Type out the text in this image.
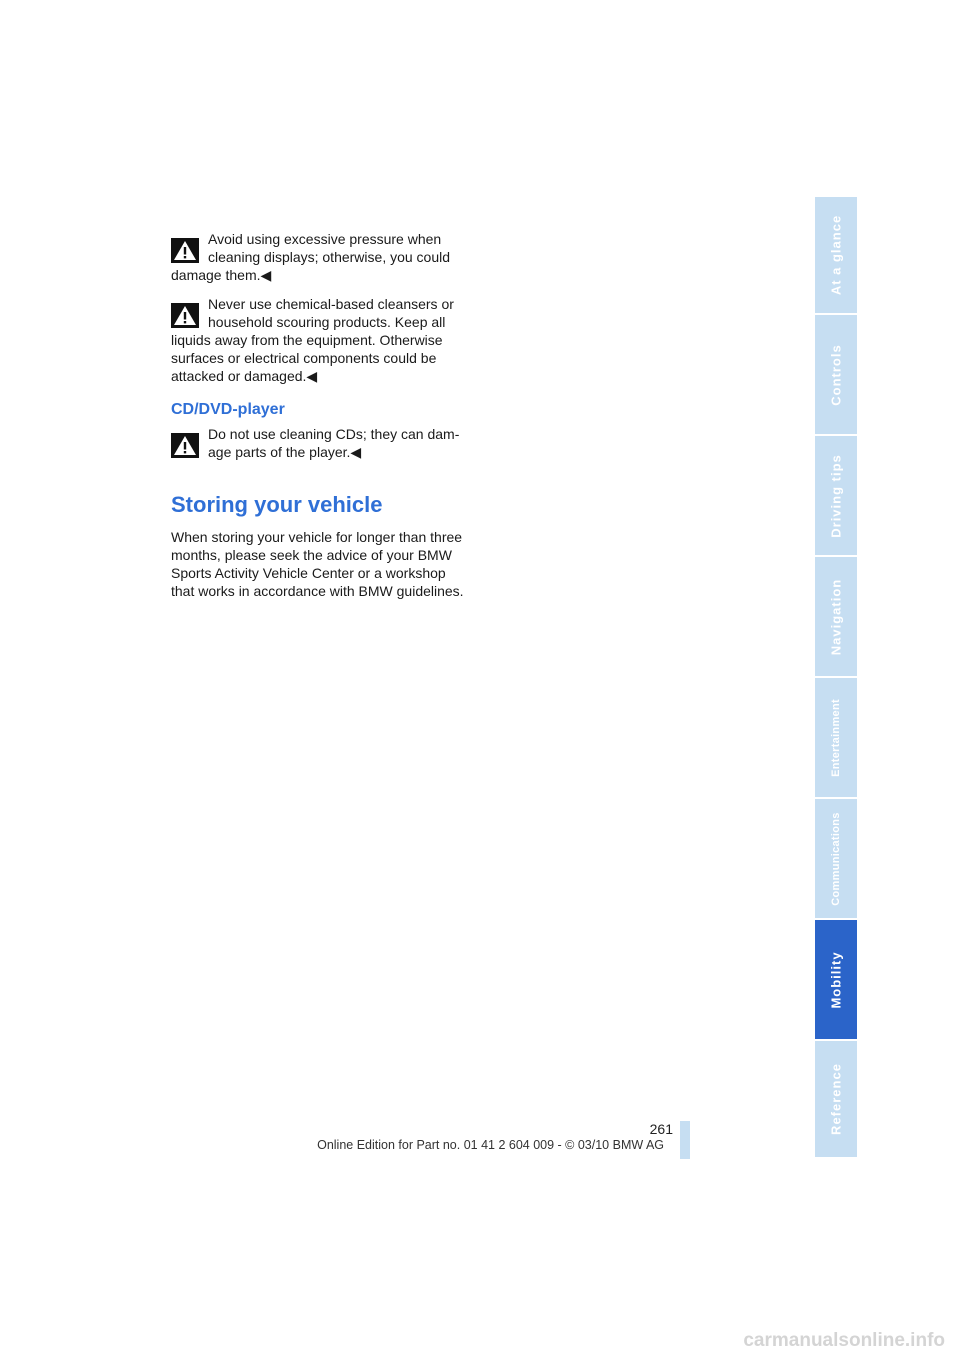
Avoid using excessive pressure when cleaning displays; otherwise, you could damage them.◀

Never use chemical-based cleansers or household scouring products. Keep all liquids away from the equipment. Otherwise surfaces or electrical components could be attacked or damaged.◀

CD/DVD-player

Do not use cleaning CDs; they can dam-age parts of the player.◀

Storing your vehicle

When storing your vehicle for longer than three months, please seek the advice of your BMW Sports Activity Vehicle Center or a workshop that works in accordance with BMW guidelines.

At a glance
Controls
Driving tips
Navigation
Entertainment
Communications
Mobility
Reference
261
Online Edition for Part no. 01 41 2 604 009 - © 03/10 BMW AG
carmanualsonline.info
